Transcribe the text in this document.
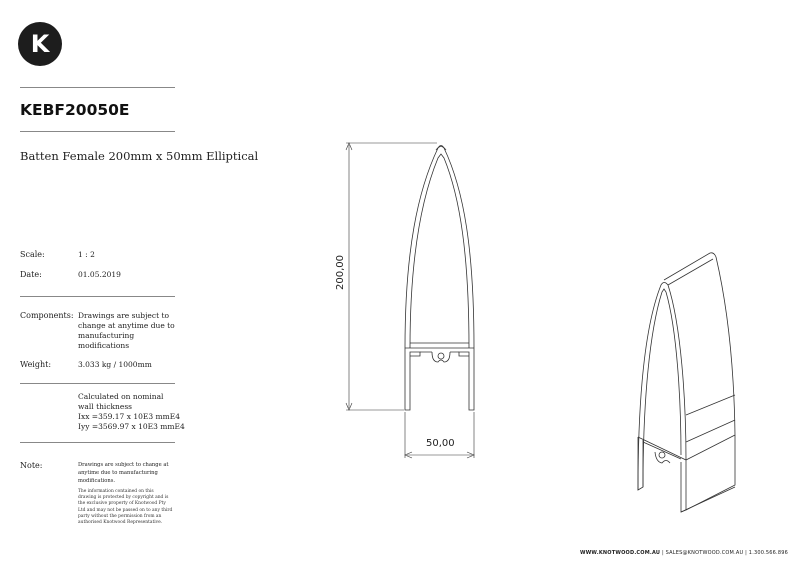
K
KEBF20050E
Batten Female 200mm x 50mm Elliptical
Scale:	1 : 2
Date:	01.05.2019
Components: Drawings are subject to
change at anytime due to
manufacturing
modifications
Weight:	3.033 kg / 1000mm
Calculated on nominal
wall thickness
Ixx =359.17 x 10E3 mmE4
Iyy =3569.97 x 10E3 mmE4
Note:	Drawings are subject to change at
anytime due to manufacturing
modifications.
The information contained on this
drawing is protected by copyright and is
the exclusive property of Knotwood Pty
Ltd and may not be passed on to any third
party without the permission from an
authorised Knotwood Representative.
200,00
50,00
WWW.KNOTWOOD.COM.AU | SALES@KNOTWOOD.COM.AU | 1.300.566.896
